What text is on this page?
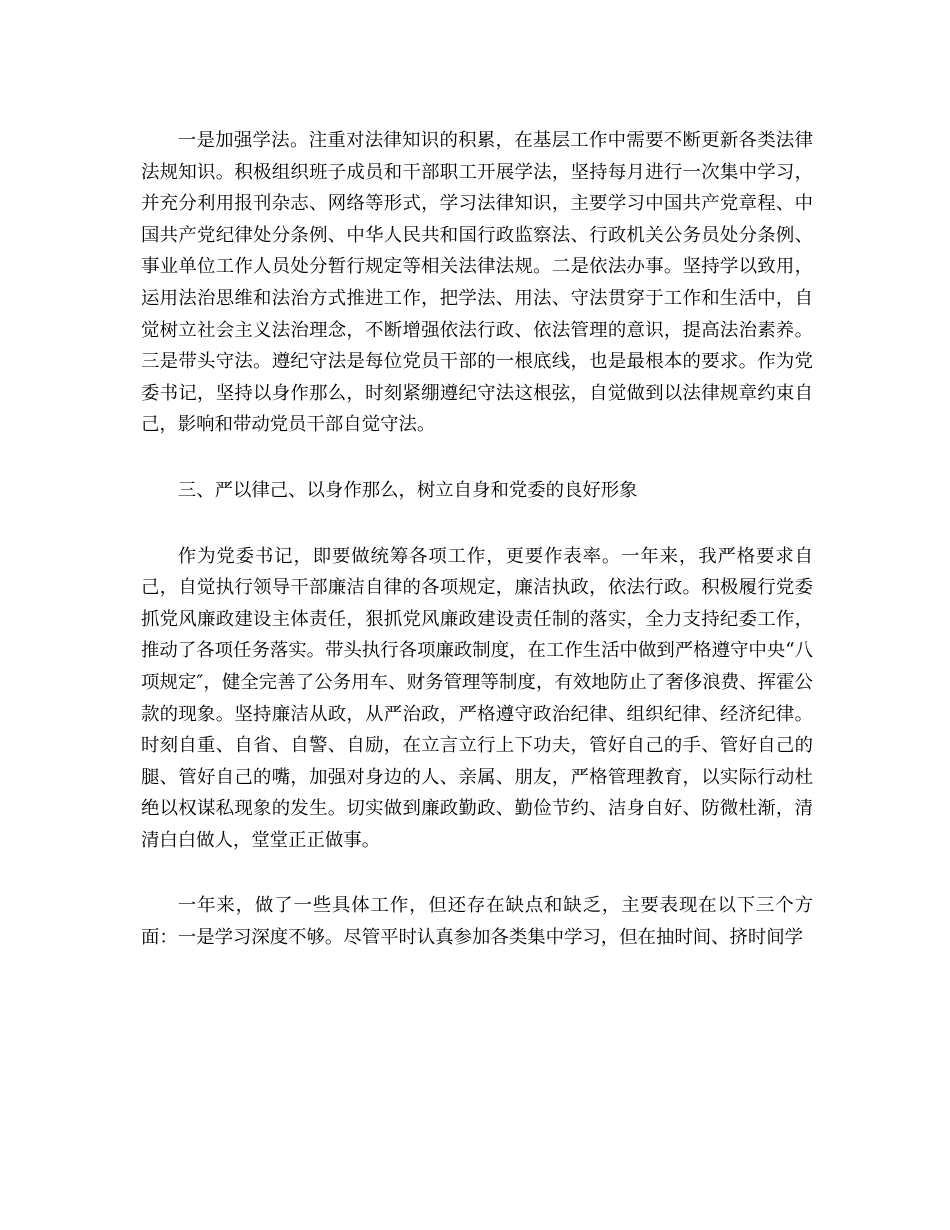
一是加强学法。注重对法律知识的积累，在基层工作中需要不断更新各类法律法规知识。积极组织班子成员和干部职工开展学法，坚持每月进行一次集中学习，并充分利用报刊杂志、网络等形式，学习法律知识，主要学习中国共产党章程、中国共产党纪律处分条例、中华人民共和国行政监察法、行政机关公务员处分条例、事业单位工作人员处分暂行规定等相关法律法规。二是依法办事。坚持学以致用，运用法治思维和法治方式推进工作，把学法、用法、守法贯穿于工作和生活中，自觉树立社会主义法治理念，不断增强依法行政、依法管理的意识，提高法治素养。三是带头守法。遵纪守法是每位党员干部的一根底线，也是最根本的要求。作为党委书记，坚持以身作那么，时刻紧绷遵纪守法这根弦，自觉做到以法律规章约束自己，影响和带动党员干部自觉守法。

三、严以律己、以身作那么，树立自身和党委的良好形象

作为党委书记，即要做统筹各项工作，更要作表率。一年来，我严格要求自己，自觉执行领导干部廉洁自律的各项规定，廉洁执政，依法行政。积极履行党委抓党风廉政建设主体责任，狠抓党风廉政建设责任制的落实，全力支持纪委工作，推动了各项任务落实。带头执行各项廉政制度，在工作生活中做到严格遵守中央“八项规定″，健全完善了公务用车、财务管理等制度，有效地防止了奢侈浪费、挥霍公款的现象。坚持廉洁从政，从严治政，严格遵守政治纪律、组织纪律、经济纪律。时刻自重、自省、自警、自励，在立言立行上下功夫，管好自己的手、管好自己的腿、管好自己的嘴，加强对身边的人、亲属、朋友，严格管理教育，以实际行动杜绝以权谋私现象的发生。切实做到廉政勤政、勤俭节约、洁身自好、防微杜渐，清清白白做人，堂堂正正做事。

一年来，做了一些具体工作，但还存在缺点和缺乏，主要表现在以下三个方面：一是学习深度不够。尽管平时认真参加各类集中学习，但在抽时间、挤时间学
